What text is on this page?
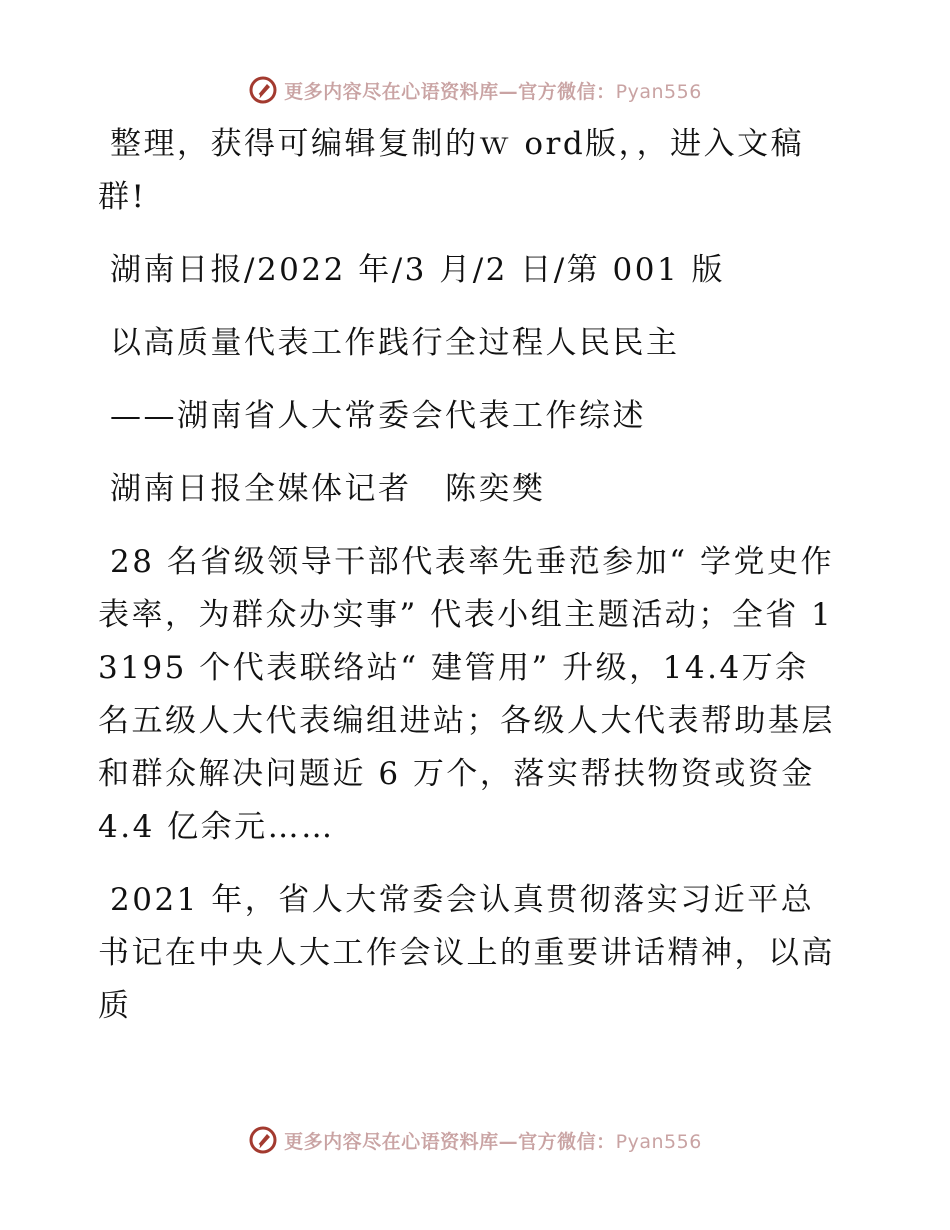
更多内容尽在心语资料库—官方微信：Pyan556

整理，获得可编辑复制的ｗ ord版，，进入文稿群!

湖南日报/2022 年/3 月/2 日/第 001 版

以高质量代表工作践行全过程人民民主

——湖南省人大常委会代表工作综述

湖南日报全媒体记者　陈奕樊

28 名省级领导干部代表率先垂范参加“ 学党史作表率，为群众办实事” 代表小组主题活动；全省 13195 个代表联络站“ 建管用” 升级，14.4万余名五级人大代表编组进站；各级人大代表帮助基层和群众解决问题近 6 万个，落实帮扶物资或资金 4.4 亿余元……

2021 年，省人大常委会认真贯彻落实习近平总书记在中央人大工作会议上的重要讲话精神，以高质

更多内容尽在心语资料库—官方微信：Pyan556
